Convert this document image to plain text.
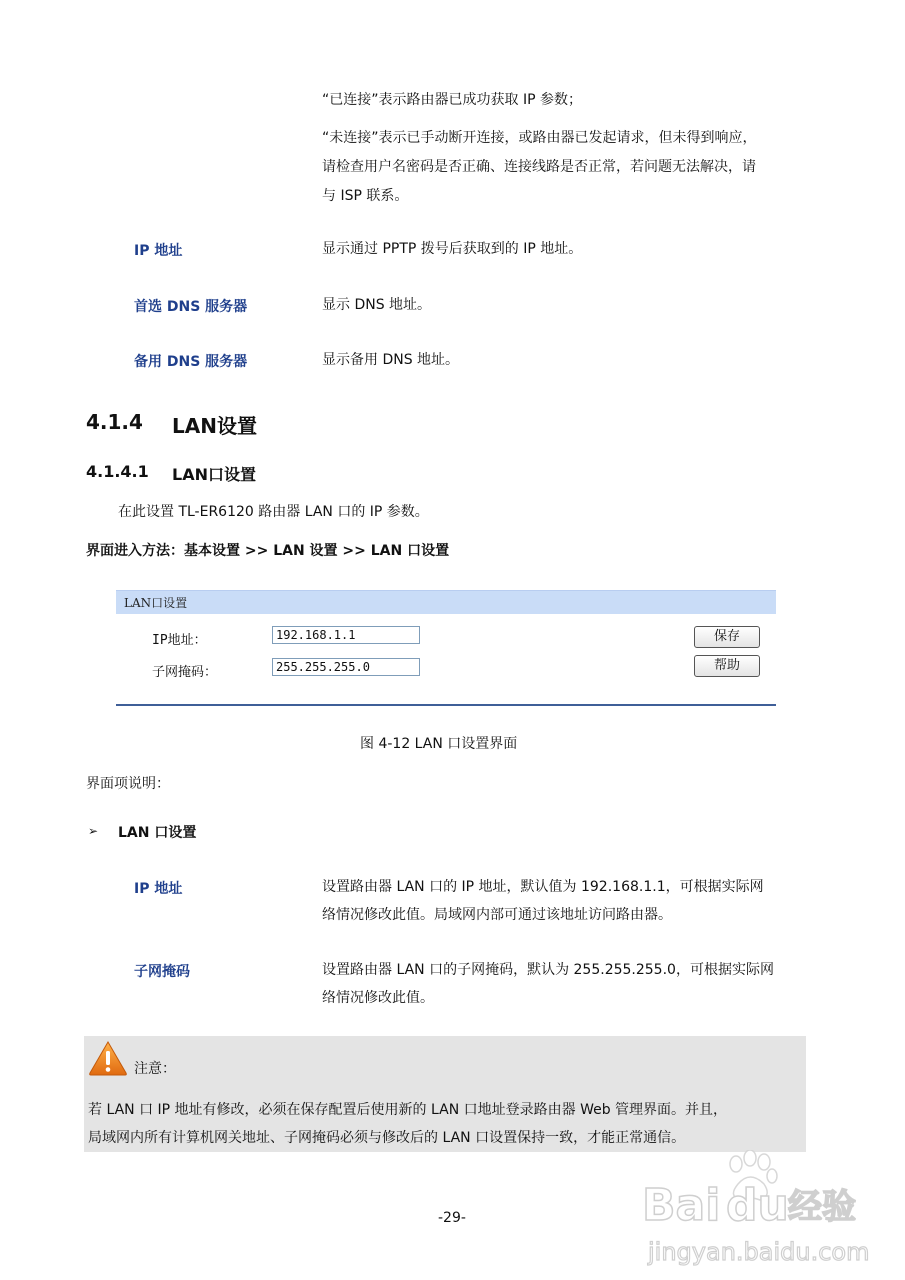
“已连接”表示路由器已成功获取 IP 参数；
“未连接”表示已手动断开连接，或路由器已发起请求，但未得到响应，
请检查用户名密码是否正确、连接线路是否正常，若问题无法解决，请
与 ISP 联系。
IP 地址	显示通过 PPTP 拨号后获取到的 IP 地址。
首选 DNS 服务器	显示 DNS 地址。
备用 DNS 服务器	显示备用 DNS 地址。
4.1.4 LAN设置
4.1.4.1 LAN口设置
在此设置 TL-ER6120 路由器 LAN 口的 IP 参数。
界面进入方法：基本设置 >> LAN 设置 >> LAN 口设置
LAN口设置
IP地址：	192.168.1.1
子网掩码：	255.255.255.0
保存
帮助
图 4-12 LAN 口设置界面
界面项说明：
➢ LAN 口设置
IP 地址	设置路由器 LAN 口的 IP 地址，默认值为 192.168.1.1，可根据实际网
络情况修改此值。局域网内部可通过该地址访问路由器。
子网掩码	设置路由器 LAN 口的子网掩码，默认为 255.255.255.0，可根据实际网
络情况修改此值。
注意：
若 LAN 口 IP 地址有修改，必须在保存配置后使用新的 LAN 口地址登录路由器 Web 管理界面。并且，
局域网内所有计算机网关地址、子网掩码必须与修改后的 LAN 口设置保持一致，才能正常通信。
-29-	Bai du 经验
jingyan.baidu.com
